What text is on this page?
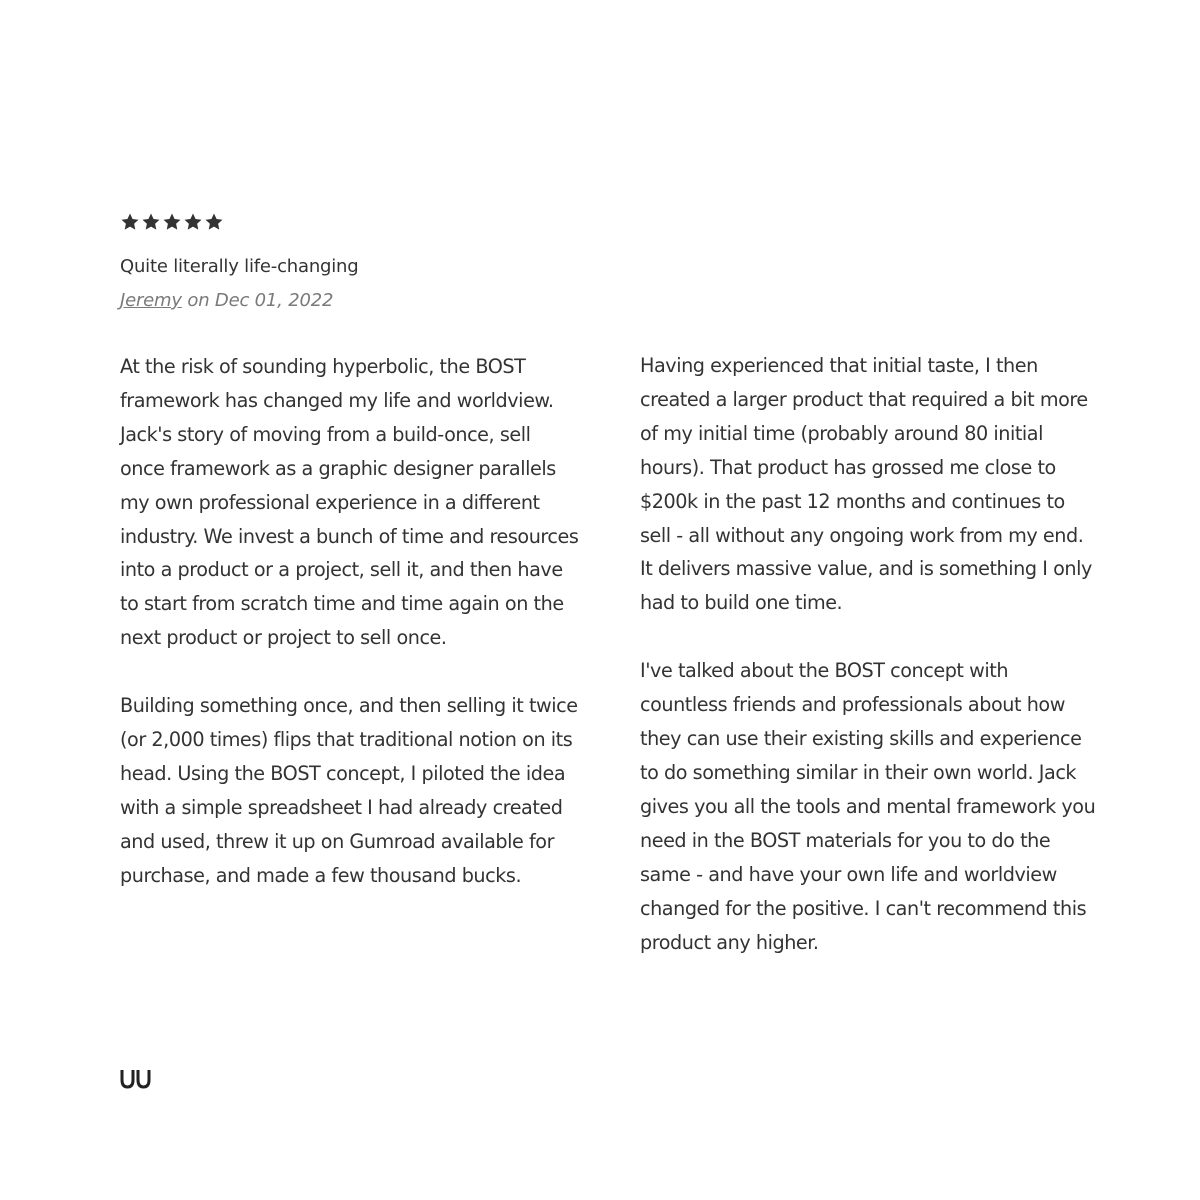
Quite literally life-changing
Jeremy on Dec 01, 2022

At the risk of sounding hyperbolic, the BOST framework has changed my life and worldview. Jack's story of moving from a build-once, sell once framework as a graphic designer parallels my own professional experience in a different industry. We invest a bunch of time and resources into a product or a project, sell it, and then have to start from scratch time and time again on the next product or project to sell once.

Building something once, and then selling it twice (or 2,000 times) flips that traditional notion on its head. Using the BOST concept, I piloted the idea with a simple spreadsheet I had already created and used, threw it up on Gumroad available for purchase, and made a few thousand bucks.

Having experienced that initial taste, I then created a larger product that required a bit more of my initial time (probably around 80 initial hours). That product has grossed me close to $200k in the past 12 months and continues to sell - all without any ongoing work from my end. It delivers massive value, and is something I only had to build one time.

I've talked about the BOST concept with countless friends and professionals about how they can use their existing skills and experience to do something similar in their own world. Jack gives you all the tools and mental framework you need in the BOST materials for you to do the same - and have your own life and worldview changed for the positive. I can't recommend this product any higher.
